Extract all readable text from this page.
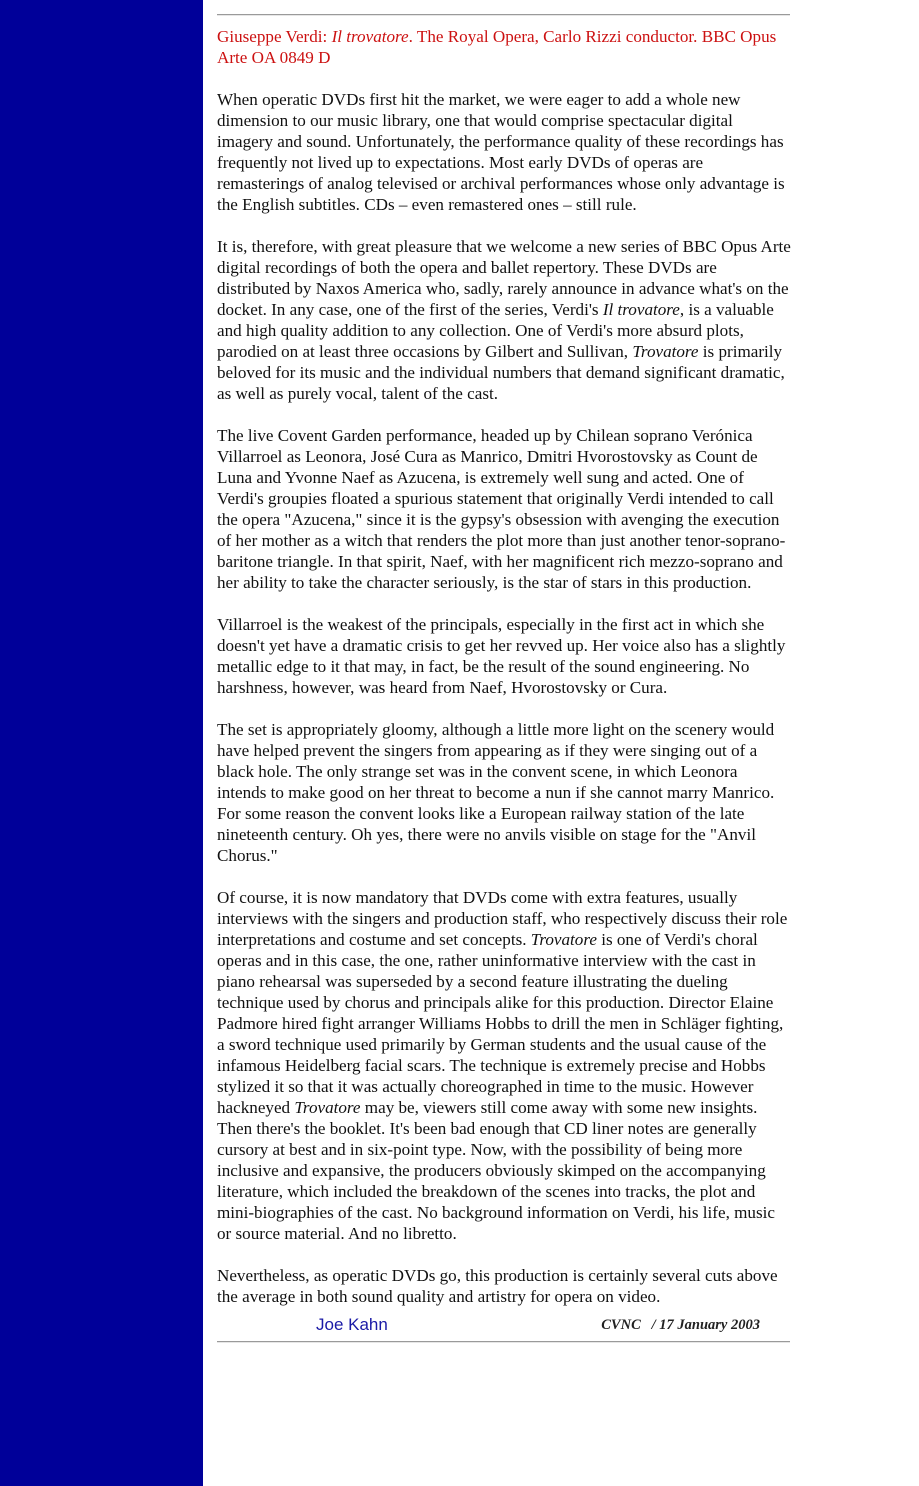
Giuseppe Verdi: Il trovatore. The Royal Opera, Carlo Rizzi conductor. BBC Opus Arte OA 0849 D

When operatic DVDs first hit the market, we were eager to add a whole new dimension to our music library, one that would comprise spectacular digital imagery and sound. Unfortunately, the performance quality of these recordings has frequently not lived up to expectations. Most early DVDs of operas are remasterings of analog televised or archival performances whose only advantage is the English subtitles. CDs – even remastered ones – still rule.

It is, therefore, with great pleasure that we welcome a new series of BBC Opus Arte digital recordings of both the opera and ballet repertory. These DVDs are distributed by Naxos America who, sadly, rarely announce in advance what's on the docket. In any case, one of the first of the series, Verdi's Il trovatore, is a valuable and high quality addition to any collection. One of Verdi's more absurd plots, parodied on at least three occasions by Gilbert and Sullivan, Trovatore is primarily beloved for its music and the individual numbers that demand significant dramatic, as well as purely vocal, talent of the cast.

The live Covent Garden performance, headed up by Chilean soprano Verónica Villarroel as Leonora, José Cura as Manrico, Dmitri Hvorostovsky as Count de Luna and Yvonne Naef as Azucena, is extremely well sung and acted. One of Verdi's groupies floated a spurious statement that originally Verdi intended to call the opera "Azucena," since it is the gypsy's obsession with avenging the execution of her mother as a witch that renders the plot more than just another tenor-soprano-baritone triangle. In that spirit, Naef, with her magnificent rich mezzo-soprano and her ability to take the character seriously, is the star of stars in this production.

Villarroel is the weakest of the principals, especially in the first act in which she doesn't yet have a dramatic crisis to get her revved up. Her voice also has a slightly metallic edge to it that may, in fact, be the result of the sound engineering. No harshness, however, was heard from Naef, Hvorostovsky or Cura.

The set is appropriately gloomy, although a little more light on the scenery would have helped prevent the singers from appearing as if they were singing out of a black hole. The only strange set was in the convent scene, in which Leonora intends to make good on her threat to become a nun if she cannot marry Manrico. For some reason the convent looks like a European railway station of the late nineteenth century. Oh yes, there were no anvils visible on stage for the "Anvil Chorus."

Of course, it is now mandatory that DVDs come with extra features, usually interviews with the singers and production staff, who respectively discuss their role interpretations and costume and set concepts. Trovatore is one of Verdi's choral operas and in this case, the one, rather uninformative interview with the cast in piano rehearsal was superseded by a second feature illustrating the dueling technique used by chorus and principals alike for this production. Director Elaine Padmore hired fight arranger Williams Hobbs to drill the men in Schläger fighting, a sword technique used primarily by German students and the usual cause of the infamous Heidelberg facial scars. The technique is extremely precise and Hobbs stylized it so that it was actually choreographed in time to the music. However hackneyed Trovatore may be, viewers still come away with some new insights.

Then there's the booklet. It's been bad enough that CD liner notes are generally cursory at best and in six-point type. Now, with the possibility of being more inclusive and expansive, the producers obviously skimped on the accompanying literature, which included the breakdown of the scenes into tracks, the plot and mini-biographies of the cast. No background information on Verdi, his life, music or source material. And no libretto.

Nevertheless, as operatic DVDs go, this production is certainly several cuts above the average in both sound quality and artistry for opera on video.

Joe Kahn	CVNC   / 17 January 2003
